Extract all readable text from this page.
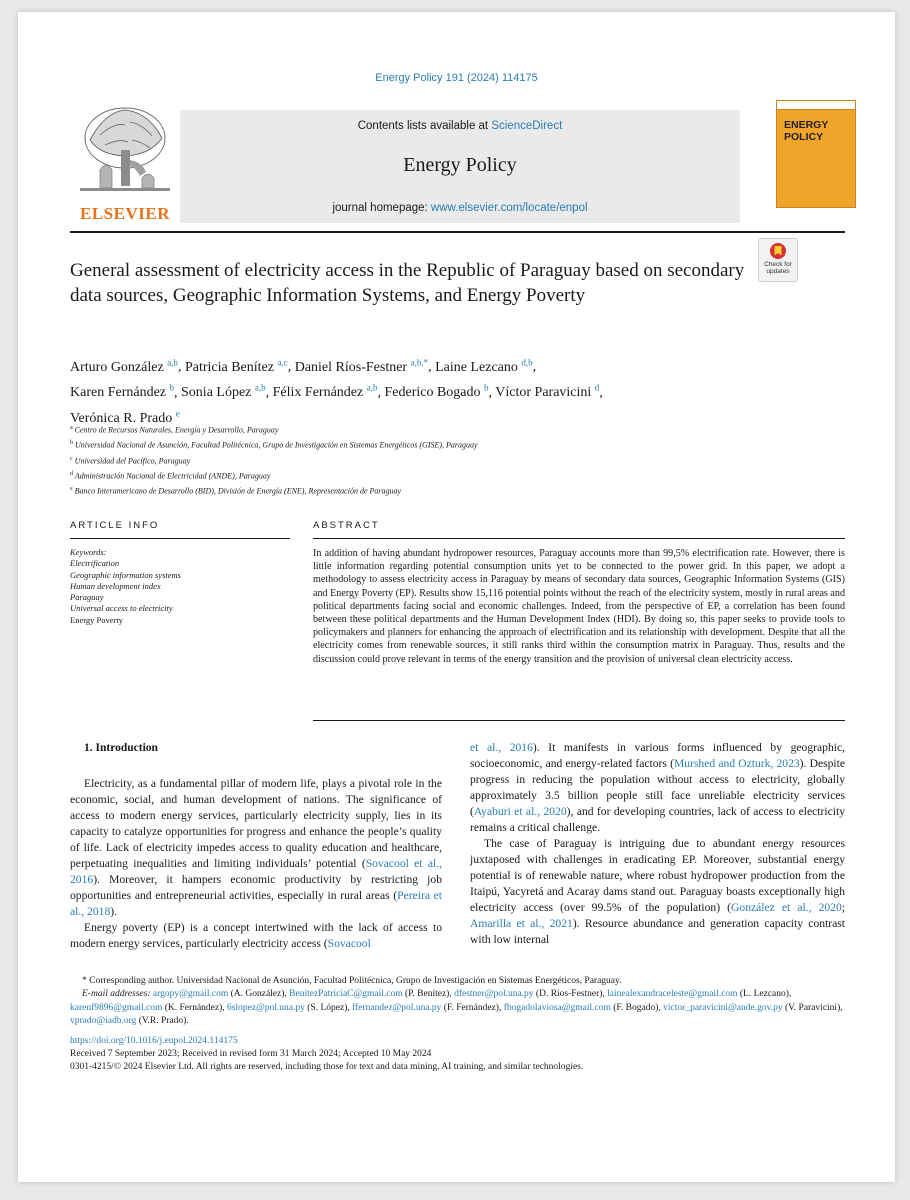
Energy Policy 191 (2024) 114175
ELSEVIER
Contents lists available at ScienceDirect
Energy Policy
journal homepage: www.elsevier.com/locate/enpol
ENERGY
POLICY
Check for updates
General assessment of electricity access in the Republic of Paraguay based on secondary data sources, Geographic Information Systems, and Energy Poverty
Arturo González $^{a,b}$, Patricia Benítez $^{a,c}$, Daniel Ríos-Festner $^{a,b,*}$, Laine Lezcano $^{d,b}$,
Karen Fernández $^b$, Sonia López $^{a,b}$, Félix Fernández $^{a,b}$, Federico Bogado $^b$, Víctor Paravicini $^d$,
Verónica R. Prado $^e$
$^a$ Centro de Recursos Naturales, Energía y Desarrollo, Paraguay
$^b$ Universidad Nacional de Asunción, Facultad Politécnica, Grupo de Investigación en Sistemas Energéticos (GISE), Paraguay
$^c$ Universidad del Pacífico, Paraguay
$^d$ Administración Nacional de Electricidad (ANDE), Paraguay
$^e$ Banco Interamericano de Desarrollo (BID), División de Energía (ENE), Representación de Paraguay
ARTICLE INFO	ABSTRACT
Keywords:
Electrification
Geographic information systems
Human development index
Paraguay
Universal access to electricity
Energy Poverty
In addition of having abundant hydropower resources, Paraguay accounts more than 99,5% electrification rate. However, there is little information regarding potential consumption units yet to be connected to the power grid. In this paper, we adopt a methodology to assess electricity access in Paraguay by means of secondary data sources, Geographic Information Systems (GIS) and Energy Poverty (EP). Results show 15,116 potential points without the reach of the electricity system, mostly in rural areas and political departments facing social and economic challenges. Indeed, from the perspective of EP, a correlation has been found between these political departments and the Human Development Index (HDI). By doing so, this paper seeks to provide tools to policymakers and planners for enhancing the approach of electrification and its relationship with development. Despite that all the electricity comes from renewable sources, it still ranks third within the consumption matrix in Paraguay. Thus, results and the discussion could prove relevant in terms of the energy transition and the provision of universal clean electricity access.

1. Introduction

Electricity, as a fundamental pillar of modern life, plays a pivotal role in the economic, social, and human development of nations. The significance of access to modern energy services, particularly electricity supply, lies in its capacity to catalyze opportunities for progress and enhance the people’s quality of life. Lack of electricity impedes access to quality education and healthcare, perpetuating inequalities and limiting individuals’ potential (Sovacool et al., 2016). Moreover, it hampers economic productivity by restricting job opportunities and entrepreneurial activities, especially in rural areas (Pereira et al., 2018).

Energy poverty (EP) is a concept intertwined with the lack of access to modern energy services, particularly electricity access (Sovacool

et al., 2016). It manifests in various forms influenced by geographic, socioeconomic, and energy-related factors (Murshed and Ozturk, 2023). Despite progress in reducing the population without access to electricity, globally approximately 3.5 billion people still face unreliable electricity services (Ayaburi et al., 2020), and for developing countries, lack of access to electricity remains a critical challenge.

The case of Paraguay is intriguing due to abundant energy resources juxtaposed with challenges in eradicating EP. Moreover, substantial energy potential is of renewable nature, where robust hydropower production from the Itaipú, Yacyretá and Acaray dams stand out. Paraguay boasts exceptionally high electricity access (over 99.5% of the population) (González et al., 2020; Amarilla et al., 2021). Resource abundance and generation capacity contrast with low internal

* Corresponding author. Universidad Nacional de Asunción, Facultad Politécnica, Grupo de Investigación en Sistemas Energéticos, Paraguay.

E-mail addresses: argopy@gmail.com (A. González), BenitezPatriciaC@gmail.com (P. Benítez), dfestner@pol.una.py (D. Ríos-Festner), lainealexandraceleste@gmail.com (L. Lezcano), karenf9896@gmail.com (K. Fernández), 6slopez@pol.una.py (S. López), ffernandez@pol.una.py (F. Fernández), fbogadolaviosa@gmail.com (F. Bogado), victor_paravicini@ande.gov.py (V. Paravicini), vprado@iadb.org (V.R. Prado).

https://doi.org/10.1016/j.enpol.2024.114175

Received 7 September 2023; Received in revised form 31 March 2024; Accepted 10 May 2024

0301-4215/© 2024 Elsevier Ltd. All rights are reserved, including those for text and data mining, AI training, and similar technologies.
